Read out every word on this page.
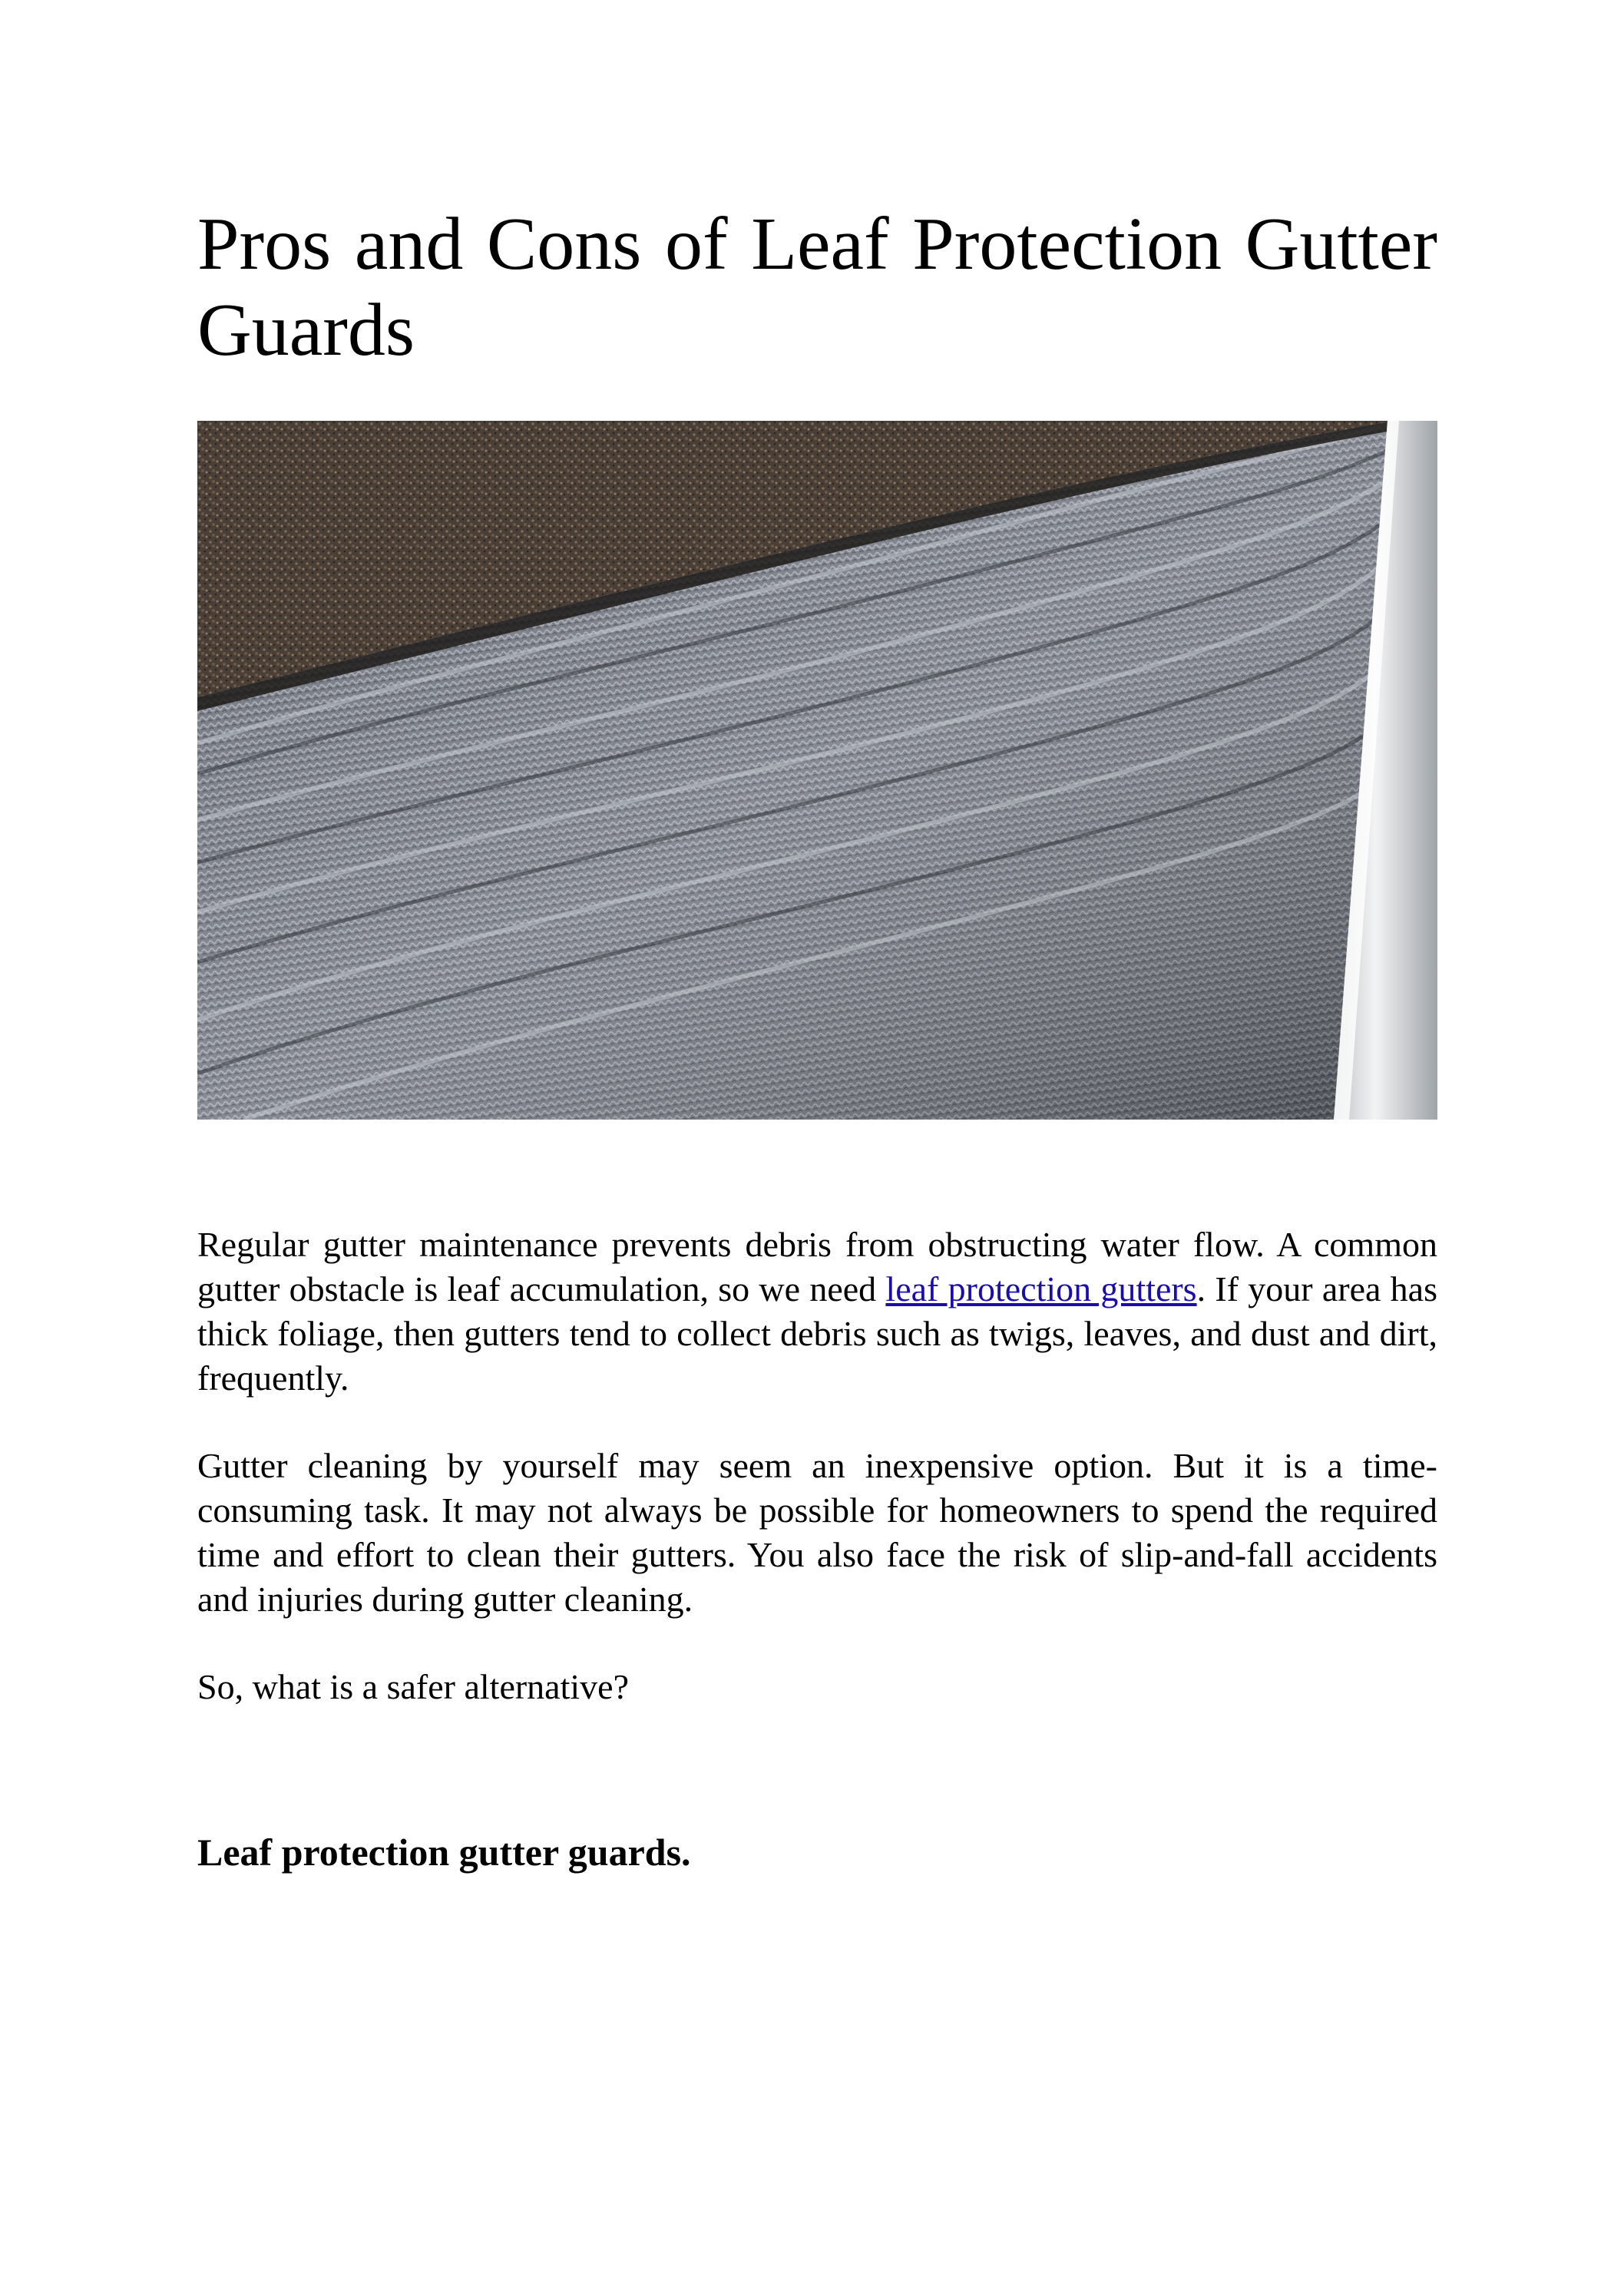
Pros and Cons of Leaf Protection Gutter Guards

Regular gutter maintenance prevents debris from obstructing water flow. A common gutter obstacle is leaf accumulation, so we need leaf protection gutters. If your area has thick foliage, then gutters tend to collect debris such as twigs, leaves, and dust and dirt, frequently.

Gutter cleaning by yourself may seem an inexpensive option. But it is a time-consuming task. It may not always be possible for homeowners to spend the required time and effort to clean their gutters. You also face the risk of slip-and-fall accidents and injuries during gutter cleaning.

So, what is a safer alternative?

Leaf protection gutter guards.
